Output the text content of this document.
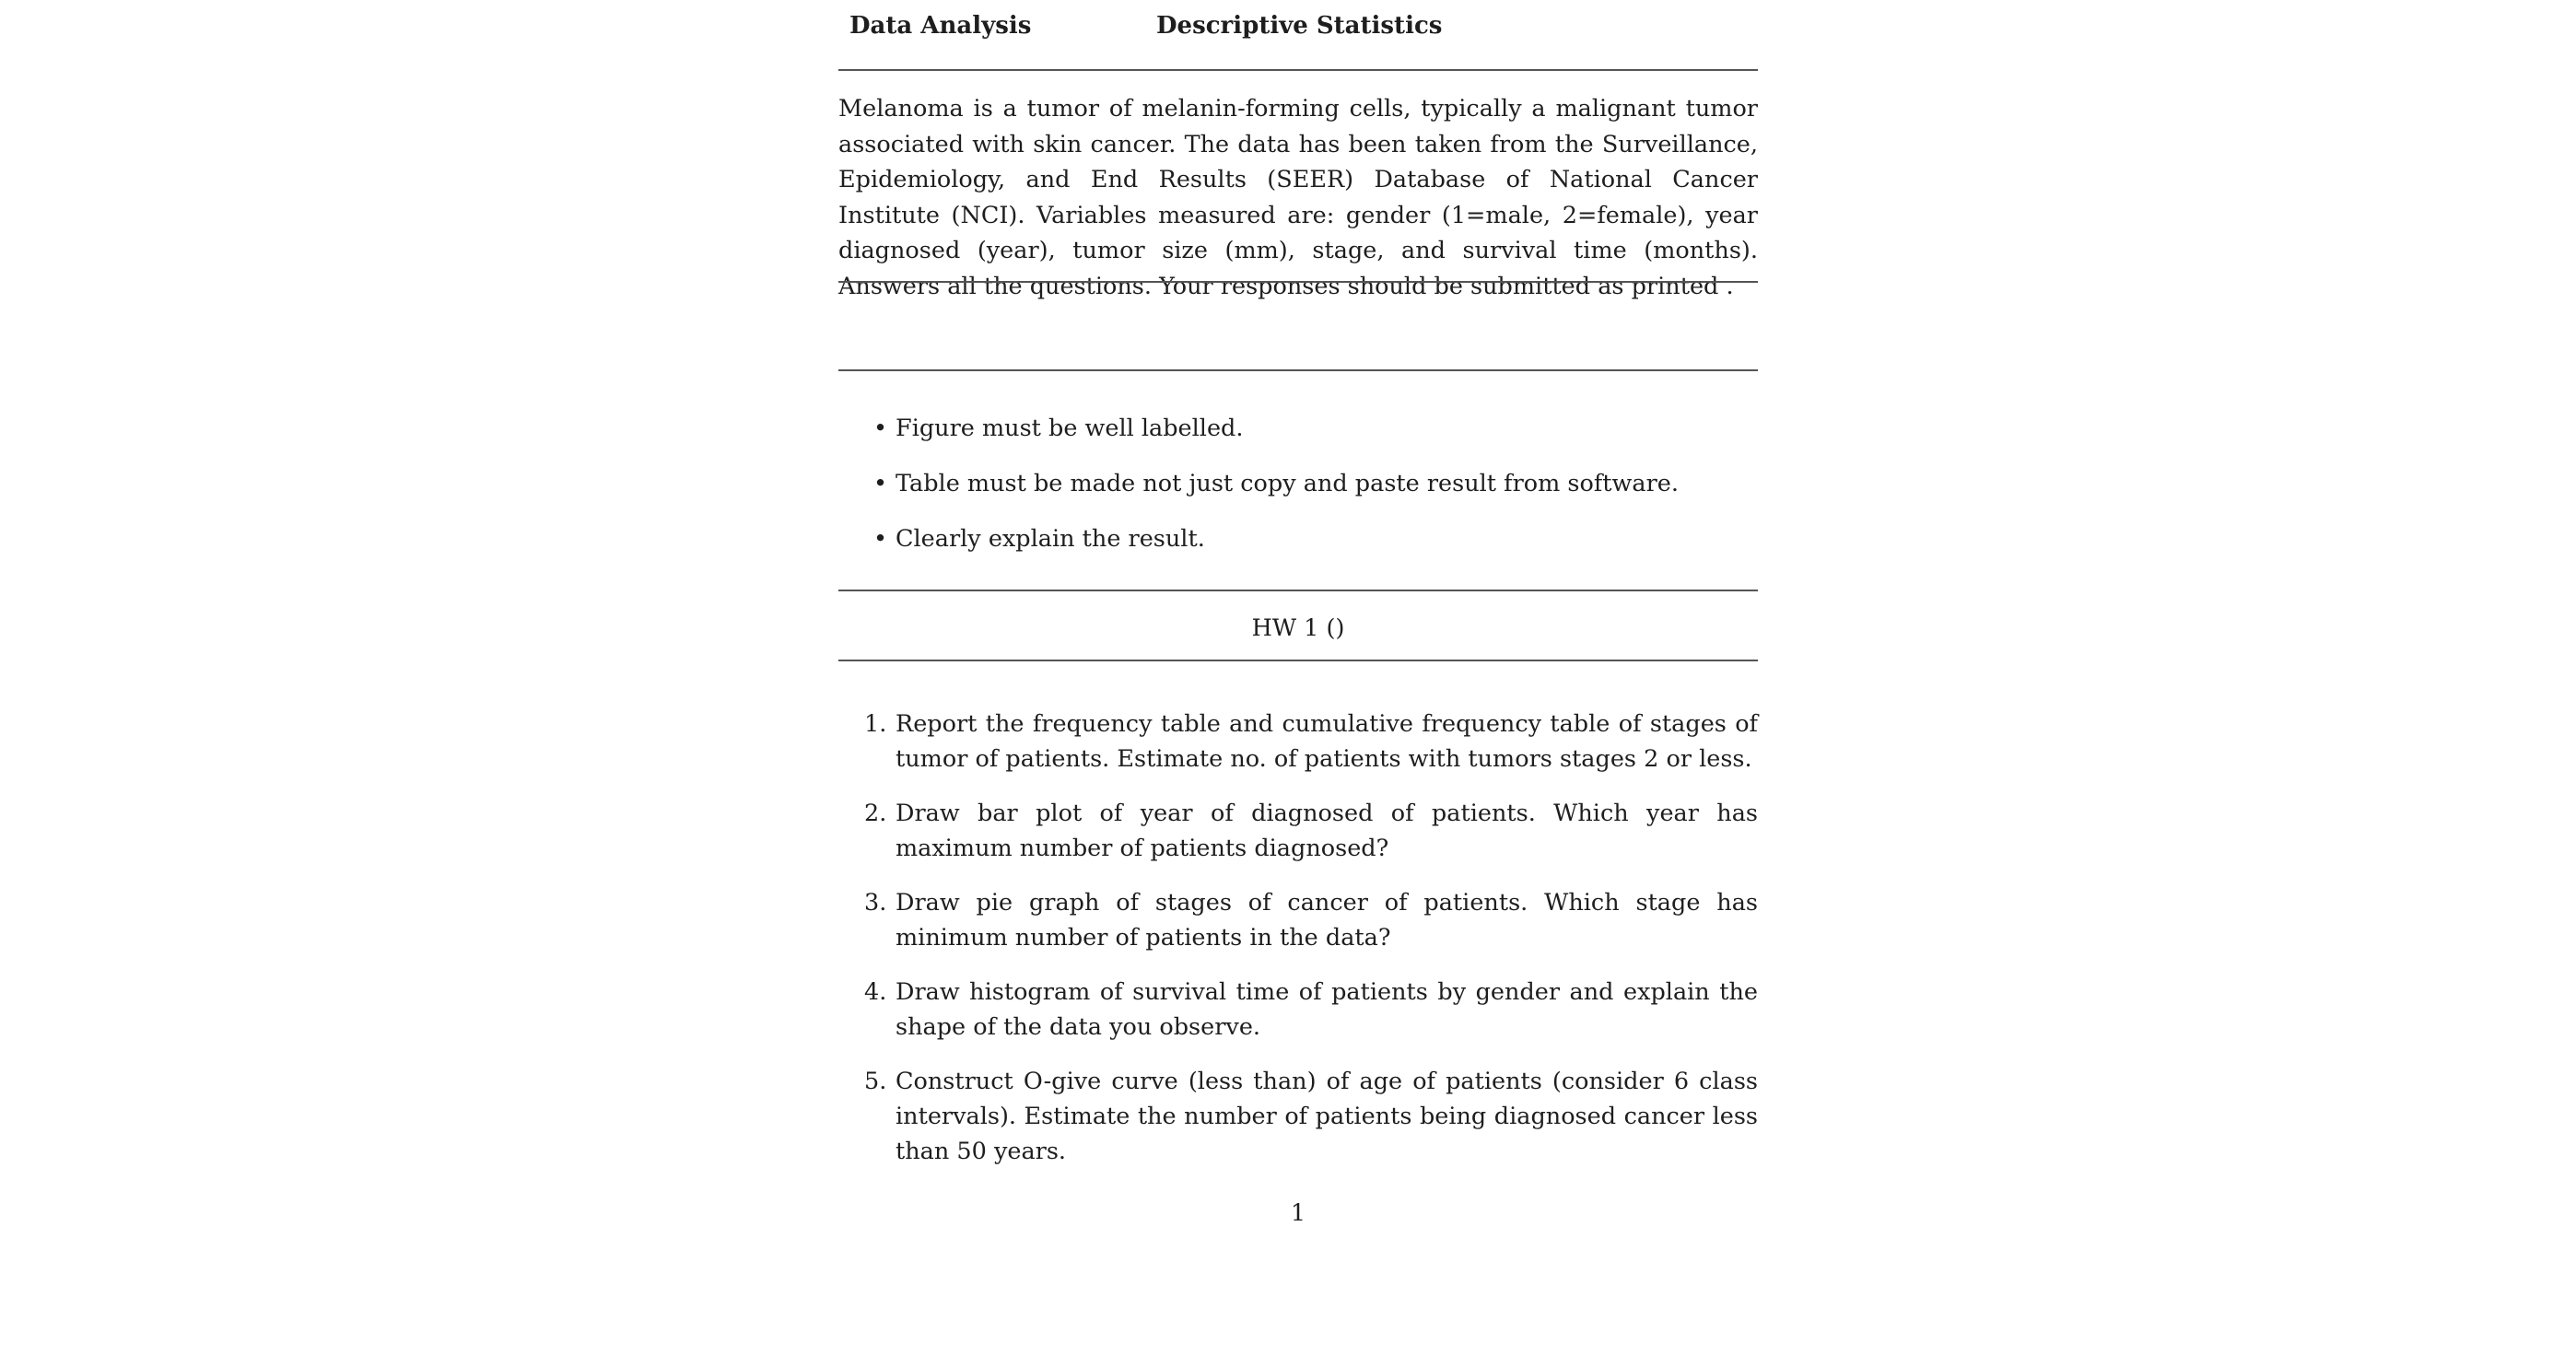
Data Analysis	Descriptive Statistics

Melanoma is a tumor of melanin-forming cells, typically a malignant tumor associated with skin cancer. The data has been taken from the Surveillance, Epidemiology, and End Results (SEER) Database of National Cancer Institute (NCI). Variables measured are: gender (1=male, 2=female), year diagnosed (year), tumor size (mm), stage, and survival time (months). Answers all the questions. Your responses should be submitted as printed .

• Figure must be well labelled.
• Table must be made not just copy and paste result from software.
• Clearly explain the result.
HW 1 ()
1. Report the frequency table and cumulative frequency table of stages of tumor of patients. Estimate no. of patients with tumors stages 2 or less.
2. Draw bar plot of year of diagnosed of patients. Which year has maximum number of patients diagnosed?
3. Draw pie graph of stages of cancer of patients. Which stage has minimum number of patients in the data?
4. Draw histogram of survival time of patients by gender and explain the shape of the data you observe.
5. Construct O-give curve (less than) of age of patients (consider 6 class intervals). Estimate the number of patients being diagnosed cancer less than 50 years.
1
